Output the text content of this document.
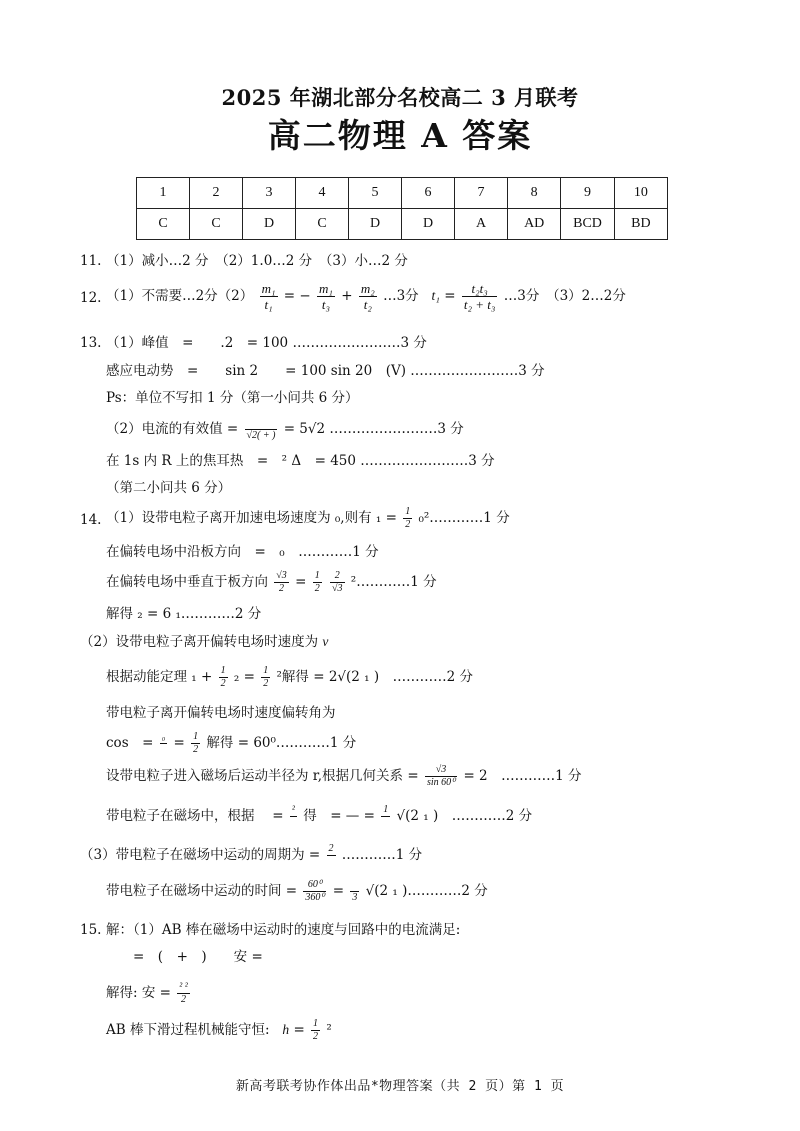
2025 年湖北部分名校高二 3 月联考
高二物理 A 答案
1	2	3	4	5	6	7	8	9	10
C	C	D	C	D	D	A	AD	BCD	BD
11. （1）减小…2 分　（2）1.0…2 分　（3）小…2 分
12. （1）不需要…2分$(2) \frac{\text{m₁}}{\text{t₁}}$ = − $\frac{\text{m₁}}{\text{t₃}} + \frac{\text{m₂}}{\text{t₂}}$ …3分 $t_1 = \frac{\text{t₂t₃}}{\text{t₂ + t₃}}$ …3分　（3）2…2分
13. （1）峰值　=　　.2　= 100 ……………………3 分
感应电动势　=　　sin 2　　= 100 sin 20　(V) ……………………3 分
Ps：单位不写扣 1 分（第一小问共 6 分）
（2）电流的有效值 =
√2( + ) = 5√2 ……………………3 分
在 1s 内 R 上的焦耳热　=　² Δ　= 450 ……………………3 分
（第二小问共 6 分）
14. （1）设带电粒子离开加速电场速度为 ₀,则有 $_1 = \frac{1}{2}$ ₀²…………1 分
在偏转电场中沿板方向　=　₀　…………1 分
在偏转电场中垂直于板方向 $\frac{√3}{2} = \frac{1}{2}$
$\frac{2}{√3}$ ²…………1 分
解得 ₂ = 6 ₁…………2 分
（2）设带电粒子离开偏转电场时速度为 v
根据动能定理 $_1 + \frac{1}{2} _2 = \frac{1}{2} ^2$解得 = 2√(2 ₁ )　…………2 分
带电粒子离开偏转电场时速度偏转角为
cos　= ₀
= $\frac{1}{2}$ 解得 = 60⁰…………1 分
设带电粒子进入磁场后运动半径为 r,根据几何关系 = $\frac{√3}{\text{sin 60⁰}} = 2$　…………1 分
带电粒子在磁场中，根据　 = ²
得　= — = 1
√(2 ₁ )　…………2 分
（3）带电粒子在磁场中运动的周期为 = 2
…………1 分
带电粒子在磁场中运动的时间 = $\frac{\text{60⁰}}{\text{360⁰}}$ =
3 √(2 ₁ )…………2 分
15. 解：（1）AB 棒在磁场中运动时的速度与回路中的电流满足:
=　(　+　)　　安 =
解得: 安 = $\frac{\text{² ²}}{2}$
AB 棒下滑过程机械能守恒: $h = \frac{1}{2} ^2$
新高考联考协作体出品*物理答案（共 2 页）第 1 页
